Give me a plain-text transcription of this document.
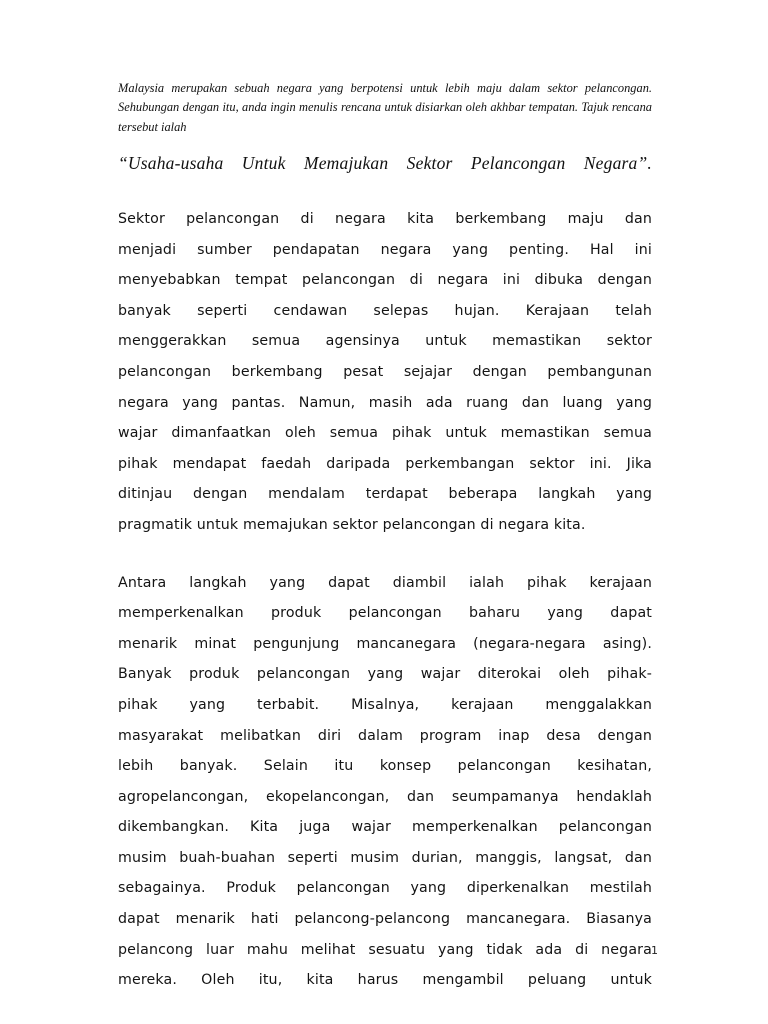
Malaysia merupakan sebuah negara yang berpotensi untuk lebih maju dalam sektor pelancongan. Sehubungan dengan itu, anda ingin menulis rencana untuk disiarkan oleh akhbar tempatan. Tajuk rencana tersebut ialah

“Usaha-usaha Untuk Memajukan Sektor Pelancongan Negara”.
Sektor pelancongan di negara kita berkembang maju dan
menjadi sumber pendapatan negara yang penting. Hal ini
menyebabkan tempat pelancongan di negara ini dibuka dengan
banyak seperti cendawan selepas hujan. Kerajaan telah
menggerakkan semua agensinya untuk memastikan sektor
pelancongan berkembang pesat sejajar dengan pembangunan
negara yang pantas. Namun, masih ada ruang dan luang yang
wajar dimanfaatkan oleh semua pihak untuk memastikan semua
pihak mendapat faedah daripada perkembangan sektor ini. Jika
ditinjau dengan mendalam terdapat beberapa langkah yang
pragmatik untuk memajukan sektor pelancongan di negara kita.
Antara langkah yang dapat diambil ialah pihak kerajaan
memperkenalkan produk pelancongan baharu yang dapat
menarik minat pengunjung mancanegara (negara-negara asing).
Banyak produk pelancongan yang wajar diterokai oleh pihak-
pihak yang terbabit. Misalnya, kerajaan menggalakkan
masyarakat melibatkan diri dalam program inap desa dengan
lebih banyak. Selain itu konsep pelancongan kesihatan,
agropelancongan, ekopelancongan, dan seumpamanya hendaklah
dikembangkan. Kita juga wajar memperkenalkan pelancongan
musim buah-buahan seperti musim durian, manggis, langsat, dan
sebagainya. Produk pelancongan yang diperkenalkan mestilah
dapat menarik hati pelancong-pelancong mancanegara. Biasanya
pelancong luar mahu melihat sesuatu yang tidak ada di negara
mereka. Oleh itu, kita harus mengambil peluang untuk
1
